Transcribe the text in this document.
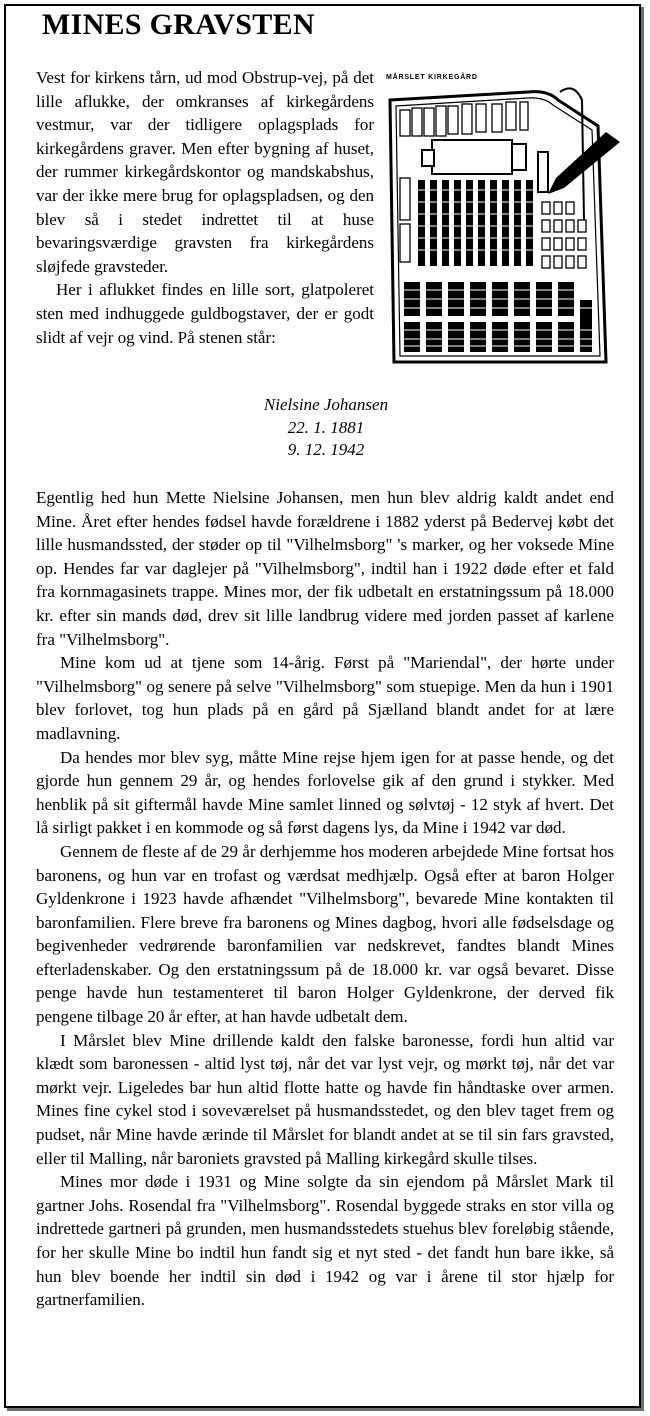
MINES GRAVSTEN

Vest for kirkens tårn, ud mod Obstrup-vej, på det lille aflukke, der omkranses af kirkegårdens vestmur, var der tidligere oplagsplads for kirkegårdens graver. Men efter bygning af huset, der rummer kirkegårdskontor og mandskabshus, var der ikke mere brug for oplagspladsen, og den blev så i stedet indrettet til at huse bevaringsværdige gravsten fra kirkegårdens sløjfede gravsteder.

Her i aflukket findes en lille sort, glatpoleret sten med indhuggede guldbogstaver, der er godt slidt af vejr og vind. På stenen står:

MÅRSLET KIRKEGÅRD
Nielsine Johansen
22. 1. 1881
9. 12. 1942

Egentlig hed hun Mette Nielsine Johansen, men hun blev aldrig kaldt andet end Mine. Året efter hendes fødsel havde forældrene i 1882 yderst på Bedervej købt det lille husmandssted, der støder op til "Vilhelmsborg" 's marker, og her voksede Mine op. Hendes far var daglejer på "Vilhelmsborg", indtil han i 1922 døde efter et fald fra kornmagasinets trappe. Mines mor, der fik udbetalt en erstatningssum på 18.000 kr. efter sin mands død, drev sit lille landbrug videre med jorden passet af karlene fra "Vilhelmsborg".

Mine kom ud at tjene som 14-årig. Først på "Mariendal", der hørte under "Vilhelmsborg" og senere på selve "Vilhelmsborg" som stuepige. Men da hun i 1901 blev forlovet, tog hun plads på en gård på Sjælland blandt andet for at lære madlavning.

Da hendes mor blev syg, måtte Mine rejse hjem igen for at passe hende, og det gjorde hun gennem 29 år, og hendes forlovelse gik af den grund i stykker. Med henblik på sit giftermål havde Mine samlet linned og sølvtøj - 12 styk af hvert. Det lå sirligt pakket i en kommode og så først dagens lys, da Mine i 1942 var død.

Gennem de fleste af de 29 år derhjemme hos moderen arbejdede Mine fortsat hos baronens, og hun var en trofast og værdsat medhjælp. Også efter at baron Holger Gyldenkrone i 1923 havde afhændet "Vilhelmsborg", bevarede Mine kontakten til baronfamilien. Flere breve fra baronens og Mines dagbog, hvori alle fødselsdage og begivenheder vedrørende baronfamilien var nedskrevet, fandtes blandt Mines efterladenskaber. Og den erstatningssum på de 18.000 kr. var også bevaret. Disse penge havde hun testamenteret til baron Holger Gyldenkrone, der derved fik pengene tilbage 20 år efter, at han havde udbetalt dem.

I Mårslet blev Mine drillende kaldt den falske baronesse, fordi hun altid var klædt som baronessen - altid lyst tøj, når det var lyst vejr, og mørkt tøj, når det var mørkt vejr. Ligeledes bar hun altid flotte hatte og havde fin håndtaske over armen. Mines fine cykel stod i soveværelset på husmandsstedet, og den blev taget frem og pudset, når Mine havde ærinde til Mårslet for blandt andet at se til sin fars gravsted, eller til Malling, når baroniets gravsted på Malling kirkegård skulle tilses.

Mines mor døde i 1931 og Mine solgte da sin ejendom på Mårslet Mark til gartner Johs. Rosendal fra "Vilhelmsborg". Rosendal byggede straks en stor villa og indrettede gartneri på grunden, men husmandsstedets stuehus blev foreløbig stående, for her skulle Mine bo indtil hun fandt sig et nyt sted - det fandt hun bare ikke, så hun blev boende her indtil sin død i 1942 og var i årene til stor hjælp for gartnerfamilien.
